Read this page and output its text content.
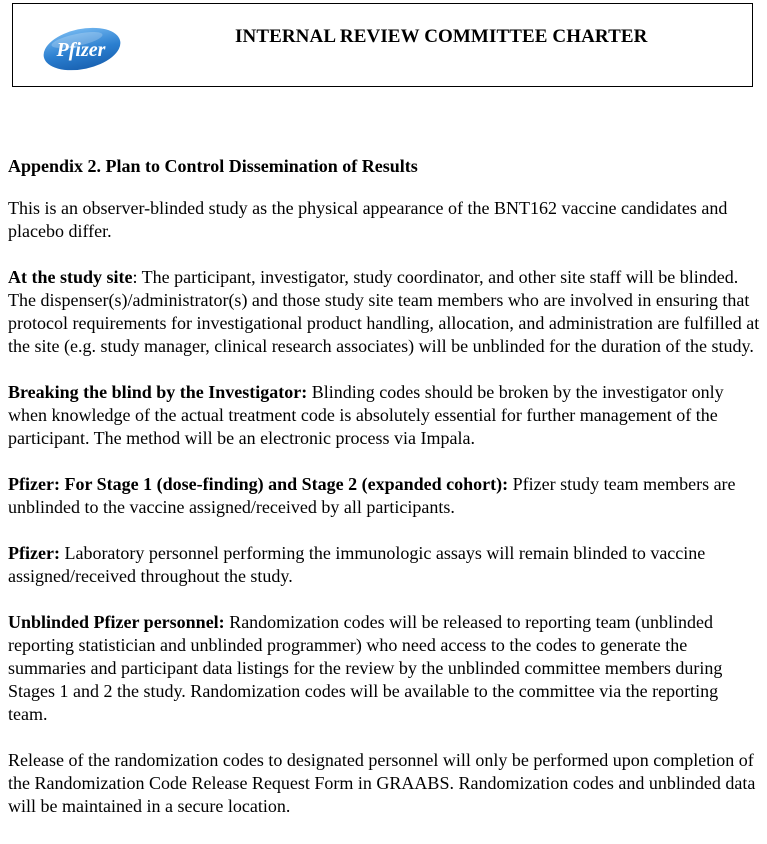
Pfizer
INTERNAL REVIEW COMMITTEE CHARTER
Appendix 2. Plan to Control Dissemination of Results

This is an observer-blinded study as the physical appearance of the BNT162 vaccine candidates and placebo differ.

At the study site: The participant, investigator, study coordinator, and other site staff will be blinded. The dispenser(s)/administrator(s) and those study site team members who are involved in ensuring that protocol requirements for investigational product handling, allocation, and administration are fulfilled at the site (e.g. study manager, clinical research associates) will be unblinded for the duration of the study.

Breaking the blind by the Investigator: Blinding codes should be broken by the investigator only when knowledge of the actual treatment code is absolutely essential for further management of the participant. The method will be an electronic process via Impala.

Pfizer: For Stage 1 (dose-finding) and Stage 2 (expanded cohort): Pfizer study team members are unblinded to the vaccine assigned/received by all participants.

Pfizer: Laboratory personnel performing the immunologic assays will remain blinded to vaccine assigned/received throughout the study.

Unblinded Pfizer personnel: Randomization codes will be released to reporting team (unblinded reporting statistician and unblinded programmer) who need access to the codes to generate the summaries and participant data listings for the review by the unblinded committee members during Stages 1 and 2 the study. Randomization codes will be available to the committee via the reporting team.

Release of the randomization codes to designated personnel will only be performed upon completion of the Randomization Code Release Request Form in GRAABS. Randomization codes and unblinded data will be maintained in a secure location.
